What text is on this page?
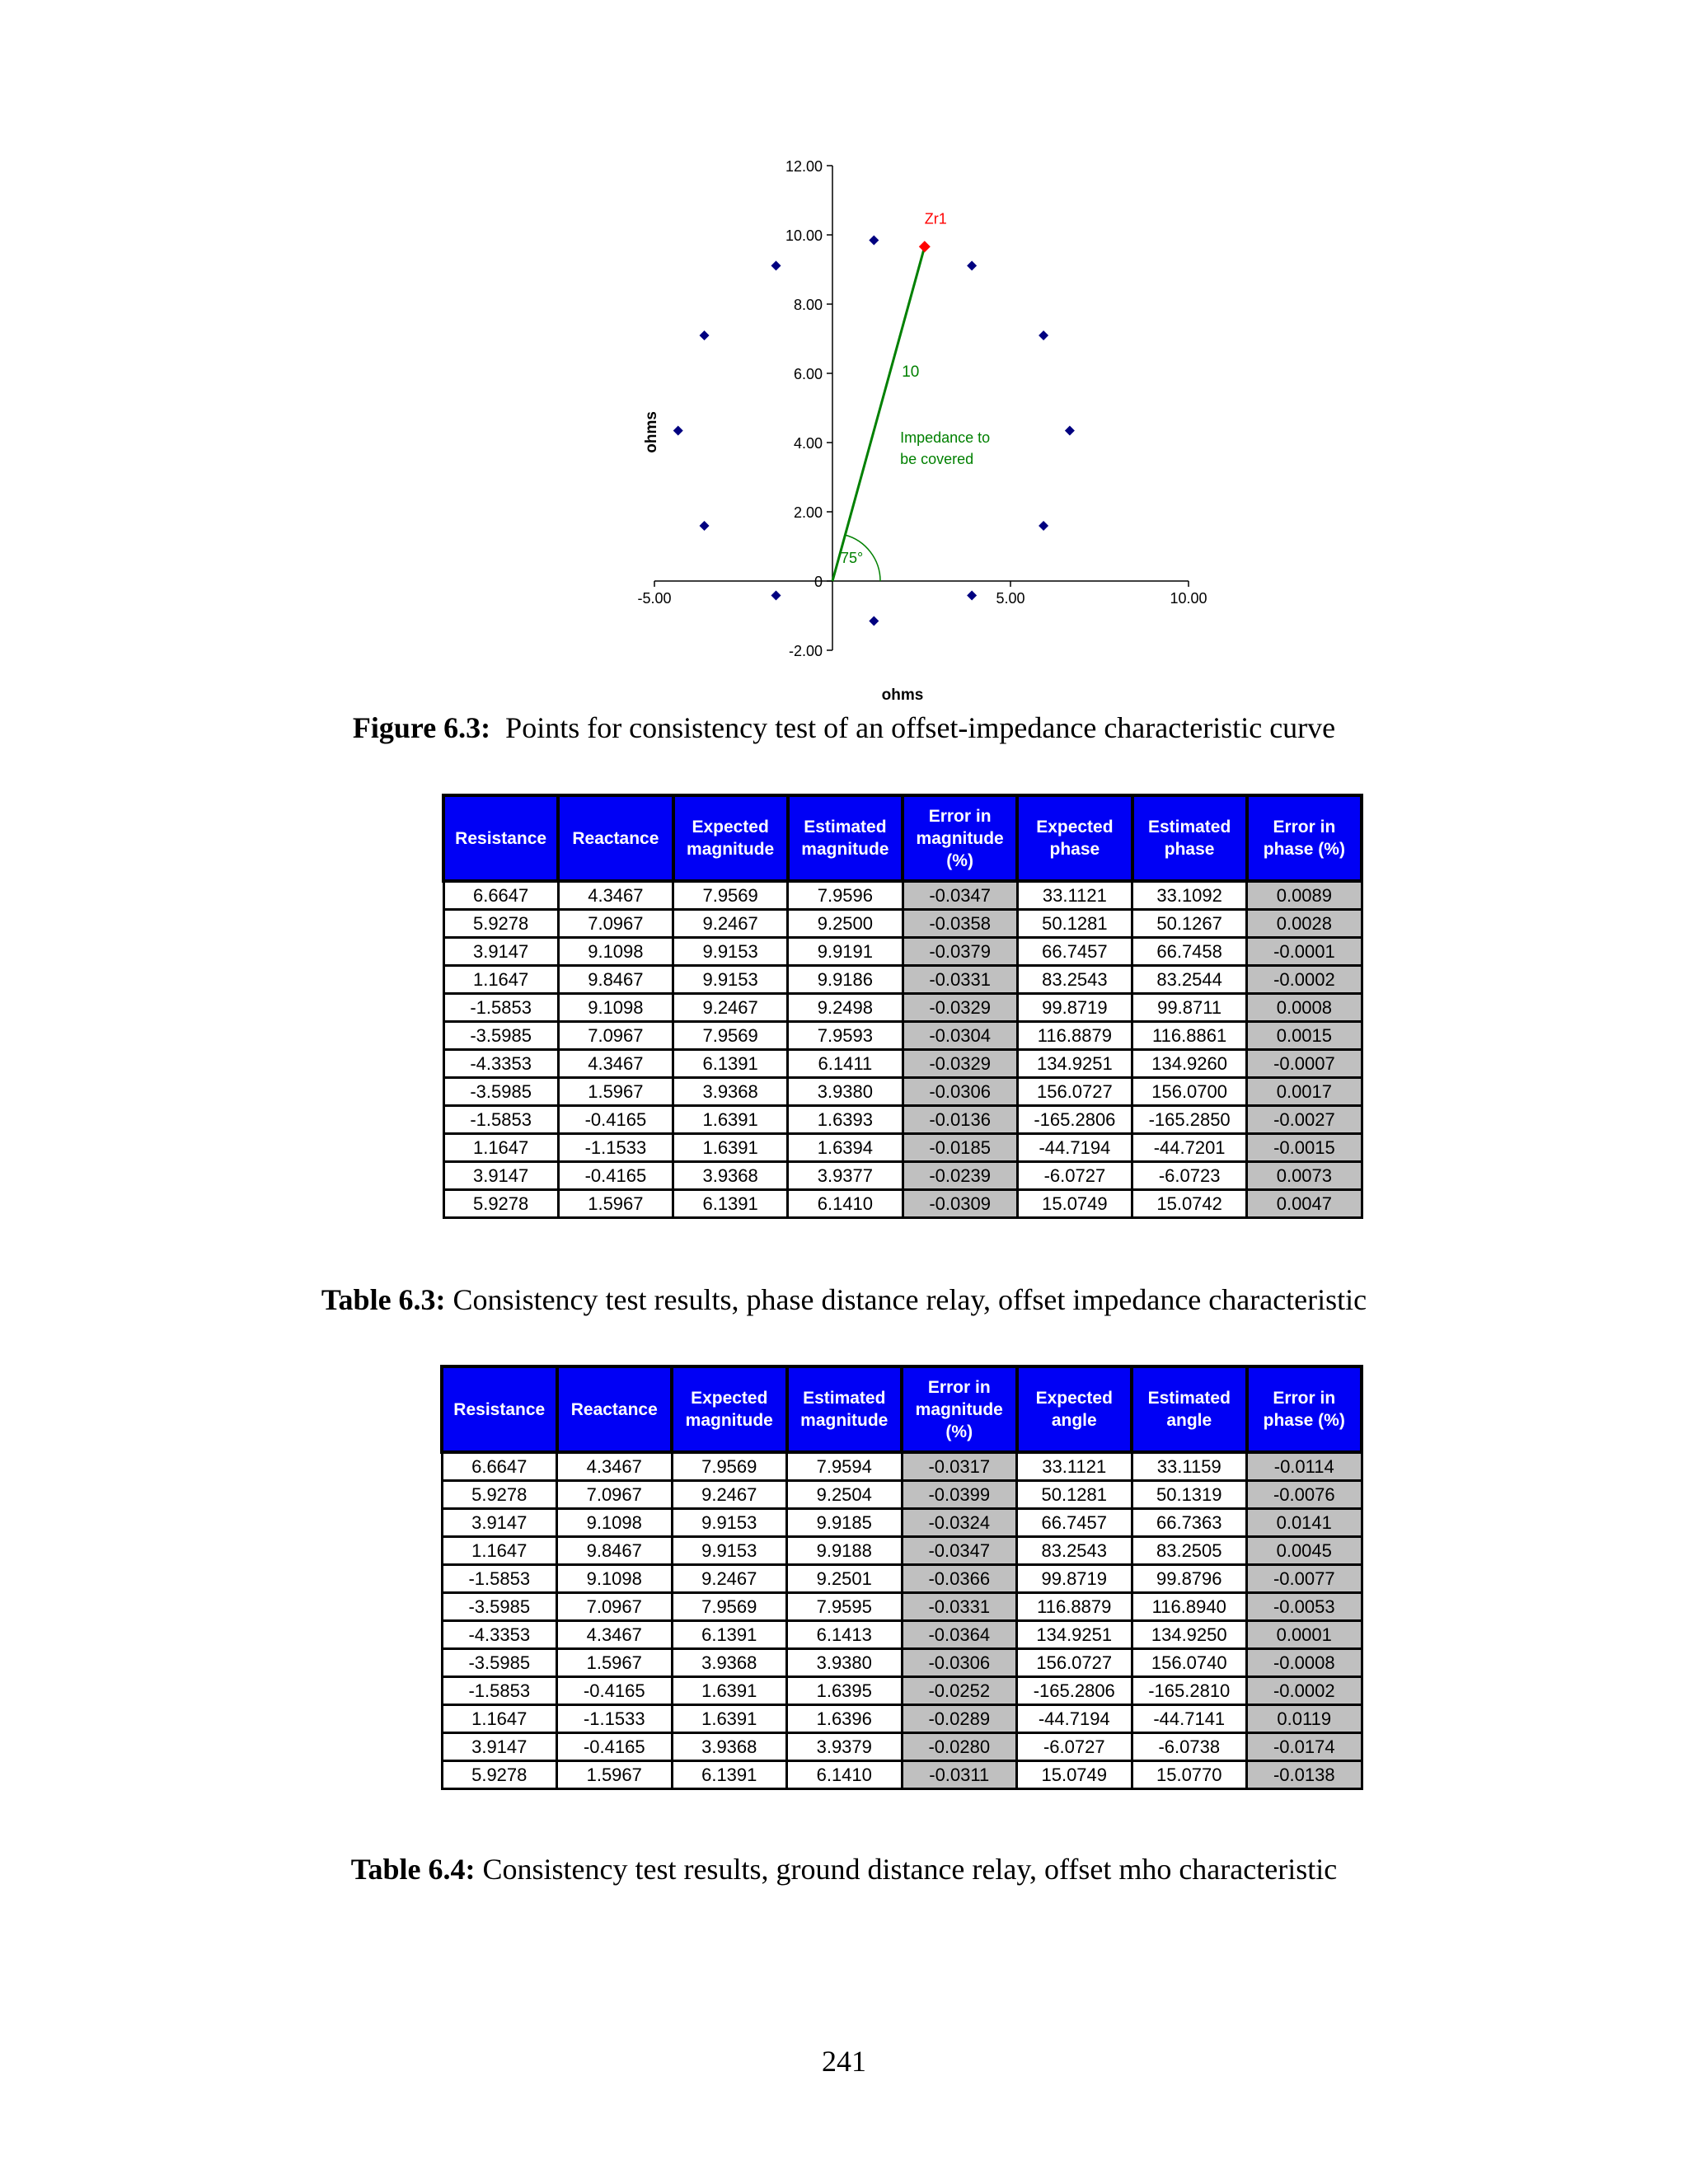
-2.00
0
2.00
4.00
6.00
8.00
10.00
12.00
-5.00	5.00	10.00
ohms
ohms
75°
10
Impedance to be covered
Zr1
Figure 6.3: Points for consistency test of an offset-impedance characteristic curve
Resistance	Reactance	Expected magnitude	Estimated magnitude	Error in magnitude (%)	Expected phase	Estimated phase	Error in phase (%)
6.6647	4.3467	7.9569	7.9596	-0.0347	33.1121	33.1092	0.0089
5.9278	7.0967	9.2467	9.2500	-0.0358	50.1281	50.1267	0.0028
3.9147	9.1098	9.9153	9.9191	-0.0379	66.7457	66.7458	-0.0001
1.1647	9.8467	9.9153	9.9186	-0.0331	83.2543	83.2544	-0.0002
-1.5853	9.1098	9.2467	9.2498	-0.0329	99.8719	99.8711	0.0008
-3.5985	7.0967	7.9569	7.9593	-0.0304	116.8879	116.8861	0.0015
-4.3353	4.3467	6.1391	6.1411	-0.0329	134.9251	134.9260	-0.0007
-3.5985	1.5967	3.9368	3.9380	-0.0306	156.0727	156.0700	0.0017
-1.5853	-0.4165	1.6391	1.6393	-0.0136	-165.2806	-165.2850	-0.0027
1.1647	-1.1533	1.6391	1.6394	-0.0185	-44.7194	-44.7201	-0.0015
3.9147	-0.4165	3.9368	3.9377	-0.0239	-6.0727	-6.0723	0.0073
5.9278	1.5967	6.1391	6.1410	-0.0309	15.0749	15.0742	0.0047
Table 6.3: Consistency test results, phase distance relay, offset impedance characteristic
Resistance	Reactance	Expected magnitude	Estimated magnitude	Error in magnitude (%)	Expected angle	Estimated angle	Error in phase (%)
6.6647	4.3467	7.9569	7.9594	-0.0317	33.1121	33.1159	-0.0114
5.9278	7.0967	9.2467	9.2504	-0.0399	50.1281	50.1319	-0.0076
3.9147	9.1098	9.9153	9.9185	-0.0324	66.7457	66.7363	0.0141
1.1647	9.8467	9.9153	9.9188	-0.0347	83.2543	83.2505	0.0045
-1.5853	9.1098	9.2467	9.2501	-0.0366	99.8719	99.8796	-0.0077
-3.5985	7.0967	7.9569	7.9595	-0.0331	116.8879	116.8940	-0.0053
-4.3353	4.3467	6.1391	6.1413	-0.0364	134.9251	134.9250	0.0001
-3.5985	1.5967	3.9368	3.9380	-0.0306	156.0727	156.0740	-0.0008
-1.5853	-0.4165	1.6391	1.6395	-0.0252	-165.2806	-165.2810	-0.0002
1.1647	-1.1533	1.6391	1.6396	-0.0289	-44.7194	-44.7141	0.0119
3.9147	-0.4165	3.9368	3.9379	-0.0280	-6.0727	-6.0738	-0.0174
5.9278	1.5967	6.1391	6.1410	-0.0311	15.0749	15.0770	-0.0138
Table 6.4: Consistency test results, ground distance relay, offset mho characteristic
241
